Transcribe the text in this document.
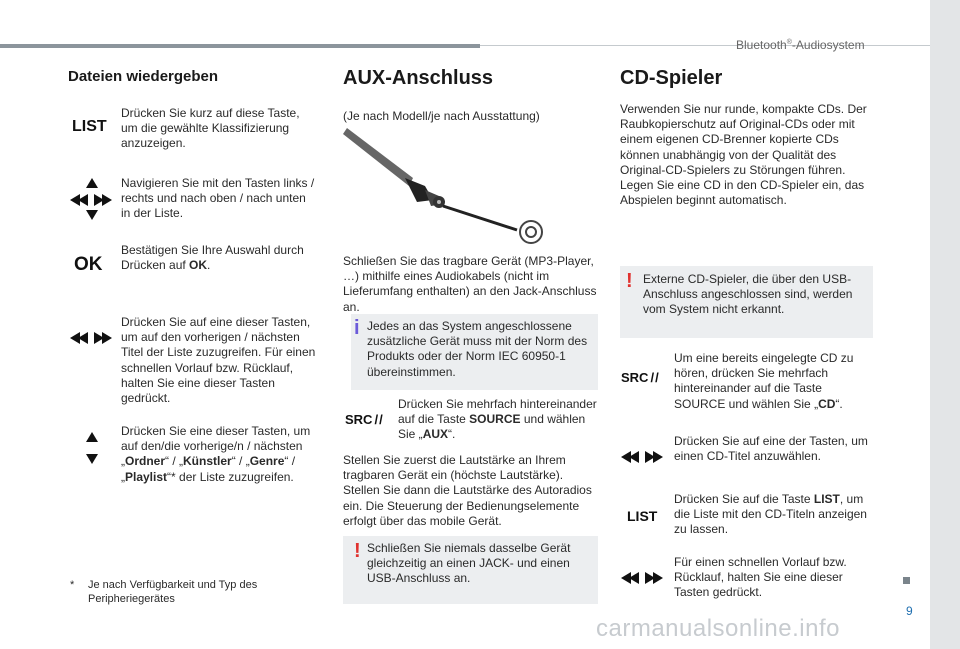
Bluetooth®-Audiosystem
9
Dateien wiedergeben
LIST
Drücken Sie kurz auf diese Taste, um die gewählte Klassifizierung anzuzeigen.
Navigieren Sie mit den Tasten links / rechts und nach oben / nach unten in der Liste.
OK
Bestätigen Sie Ihre Auswahl durch Drücken auf OK.
Drücken Sie auf eine dieser Tasten, um auf den vorherigen / nächsten Titel der Liste zuzugreifen. Für einen schnellen Vorlauf bzw. Rücklauf, halten Sie eine dieser Tasten gedrückt.
Drücken Sie eine dieser Tasten, um auf den/die vorherige/n / nächsten „Ordner“ / „Künstler“ / „Genre“ / „Playlist“* der Liste zuzugreifen.
* Je nach Verfügbarkeit und Typ des Peripheriegerätes
AUX-Anschluss
(Je nach Modell/je nach Ausstattung)
Schließen Sie das tragbare Gerät (MP3-Player, …) mithilfe eines Audiokabels (nicht im Lieferumfang enthalten) an den Jack-Anschluss an.
i Jedes an das System angeschlossene zusätzliche Gerät muss mit der Norm des Produkts oder der Norm IEC 60950-1 übereinstimmen.
SRC //
Drücken Sie mehrfach hintereinander auf die Taste SOURCE und wählen Sie „AUX“.
Stellen Sie zuerst die Lautstärke an Ihrem tragbaren Gerät ein (höchste Lautstärke). Stellen Sie dann die Lautstärke des Autoradios ein. Die Steuerung der Bedienungselemente erfolgt über das mobile Gerät.
! Schließen Sie niemals dasselbe Gerät gleichzeitig an einen JACK- und einen USB-Anschluss an.
CD-Spieler
Verwenden Sie nur runde, kompakte CDs. Der Raubkopierschutz auf Original-CDs oder mit einem eigenen CD-Brenner kopierte CDs können unabhängig von der Qualität des Original-CD-Spielers zu Störungen führen. Legen Sie eine CD in den CD-Spieler ein, das Abspielen beginnt automatisch.
! Externe CD-Spieler, die über den USB-Anschluss angeschlossen sind, werden vom System nicht erkannt.
SRC //
Um eine bereits eingelegte CD zu hören, drücken Sie mehrfach hintereinander auf die Taste SOURCE und wählen Sie „CD“.
Drücken Sie auf eine der Tasten, um einen CD-Titel anzuwählen.
LIST
Drücken Sie auf die Taste LIST, um die Liste mit den CD-Titeln anzeigen zu lassen.
Für einen schnellen Vorlauf bzw. Rücklauf, halten Sie eine dieser Tasten gedrückt.
carmanualsonline.info
